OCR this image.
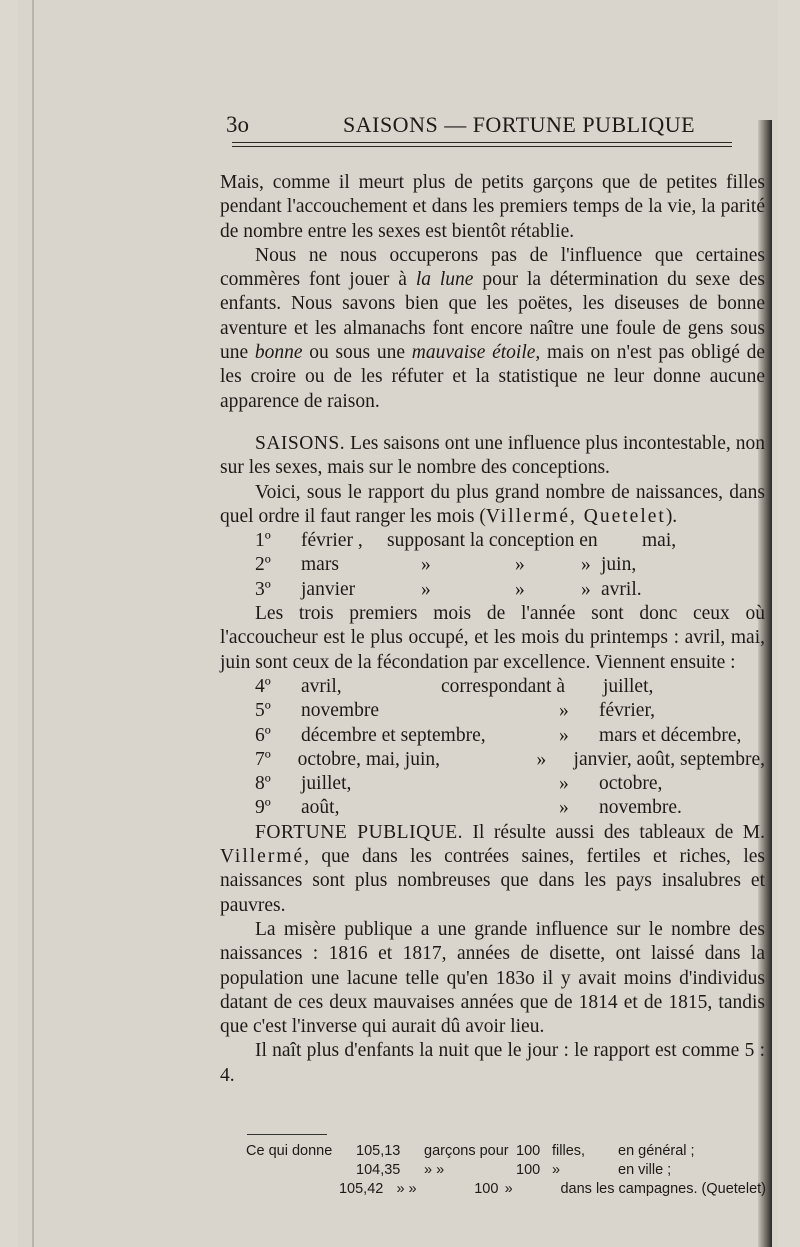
3o	SAISONS — FORTUNE PUBLIQUE

Mais, comme il meurt plus de petits garçons que de petites filles pendant l'accouchement et dans les premiers temps de la vie, la parité de nombre entre les sexes est bientôt rétablie.

Nous ne nous occuperons pas de l'influence que certaines commères font jouer à la lune pour la détermination du sexe des enfants. Nous savons bien que les poëtes, les diseuses de bonne aventure et les almanachs font encore naître une foule de gens sous une bonne ou sous une mauvaise étoile, mais on n'est pas obligé de les croire ou de les réfuter et la statistique ne leur donne aucune apparence de raison.

SAISONS. Les saisons ont une influence plus incontestable, non sur les sexes, mais sur le nombre des conceptions.

Voici, sous le rapport du plus grand nombre de naissances, dans quel ordre il faut ranger les mois (Villermé, Quetelet).

1º	février ,	supposant la conception en	mai,
2º	mars	»	»	» juin,
3º	janvier	»	»	» avril.

Les trois premiers mois de l'année sont donc ceux où l'accoucheur est le plus occupé, et les mois du printemps : avril, mai, juin sont ceux de la fécondation par excellence. Viennent ensuite :

4º	avril,	correspondant à	juillet,
5º	novembre	»	février,
6º	décembre et septembre,	»	mars et décembre,
7º	octobre, mai, juin,	»	janvier, août, septembre,
8º	juillet,	»	octobre,
9º	août,	»	novembre.

FORTUNE PUBLIQUE. Il résulte aussi des tableaux de M. Villermé, que dans les contrées saines, fertiles et riches, les naissances sont plus nombreuses que dans les pays insalubres et pauvres.

La misère publique a une grande influence sur le nombre des naissances : 1816 et 1817, années de disette, ont laissé dans la population une lacune telle qu'en 183o il y avait moins d'individus datant de ces deux mauvaises années que de 1814 et de 1815, tandis que c'est l'inverse qui aurait dû avoir lieu.

Il naît plus d'enfants la nuit que le jour : le rapport est comme 5 : 4.

Ce qui donne	105,13	garçons pour 100 filles,	en général ;
104,35	» »	100 »	en ville ;
105,42 » »	100 »	dans les campagnes. (Quetelet)
